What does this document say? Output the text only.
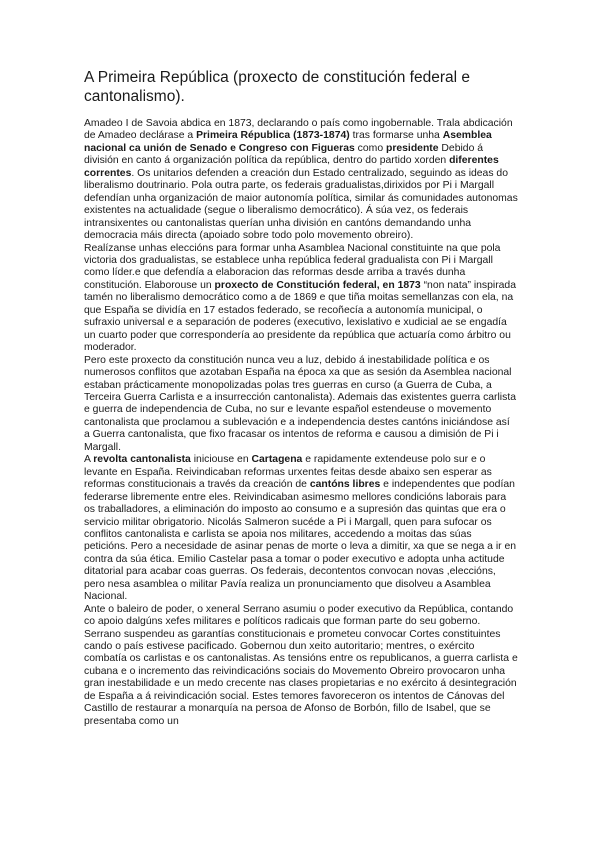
A Primeira República (proxecto de constitución federal e cantonalismo).

Amadeo I de Savoia abdica en 1873, declarando o país como ingobernable. Trala abdicación de Amadeo declárase a Primeira Républica (1873-1874) tras formarse unha Asemblea nacional ca unión de Senado e Congreso con Figueras como presidente Debido á división en canto á organización política da república, dentro do partido xorden diferentes correntes. Os unitarios defenden a creación dun Estado centralizado, seguindo as ideas do liberalismo doutrinario. Pola outra parte, os federais gradualistas,dirixidos por Pi i Margall defendían unha organización de maior autonomía política, similar ás comunidades autonomas existentes na actualidade (segue o liberalismo democrático). Á súa vez, os federais intransixentes ou cantonalistas querían unha división en cantóns demandando unha democracia máis directa (apoiado sobre todo polo movemento obreiro).

Realízanse unhas eleccións para formar unha Asamblea Nacional constituinte na que pola victoria dos gradualistas, se establece unha república federal gradualista con Pi i Margall como líder.e que defendía a elaboracion das reformas desde arriba a través dunha constitución. Elaborouse un proxecto de Constitución federal, en 1873 “non nata” inspirada tamén no liberalismo democrático como a de 1869 e que tiña moitas semellanzas con ela, na que España se dividía en 17 estados federado, se recoñecía a autonomía municipal, o sufraxio universal e a separación de poderes (executivo, lexislativo e xudicial ae se engadía un cuarto poder que correspondería ao presidente da república que actuaría como árbitro ou moderador.

Pero este proxecto da constitución nunca veu a luz, debido á inestabilidade política e os numerosos conflitos que azotaban España na época xa que as sesión da Asemblea nacional estaban prácticamente monopolizadas polas tres guerras en curso (a Guerra de Cuba, a Terceira Guerra Carlista e a insurrección cantonalista). Ademais das existentes guerra carlista e guerra de independencia de Cuba, no sur e levante español estendeuse o movemento cantonalista que proclamou a sublevación e a independencia destes cantóns iniciándose así a Guerra cantonalista, que fixo fracasar os intentos de reforma e causou a dimisión de Pi i Margall.

A revolta cantonalista iniciouse en Cartagena e rapidamente extendeuse polo sur e o levante en España. Reivindicaban reformas urxentes feitas desde abaixo sen esperar as reformas constitucionais a través da creación de cantóns libres e independentes que podían federarse libremente entre eles. Reivindicaban asimesmo mellores condicións laborais para os traballadores, a eliminación do imposto ao consumo e a supresión das quintas que era o servicio militar obrigatorio. Nicolás Salmeron sucéde a Pi i Margall, quen para sufocar os conflitos cantonalista e carlista se apoia nos militares, accedendo a moitas das súas peticións. Pero a necesidade de asinar penas de morte o leva a dimitir, xa que se nega a ir en contra da súa ética. Emilio Castelar pasa a tomar o poder executivo e adopta unha actitude ditatorial para acabar coas guerras. Os federais, decontentos convocan novas ,eleccións, pero nesa asamblea o militar Pavía realiza un pronunciamento que disolveu a Asamblea Nacional.

Ante o baleiro de poder, o xeneral Serrano asumiu o poder executivo da República, contando co apoio dalgúns xefes militares e políticos radicais que forman parte do seu goberno. Serrano suspendeu as garantías constitucionais e prometeu convocar Cortes constituintes cando o país estivese pacificado. Gobernou dun xeito autoritario; mentres, o exército combatía os carlistas e os cantonalistas. As tensións entre os republicanos, a guerra carlista e cubana e o incremento das reivindicacións sociais do Movemento Obreiro provocaron unha gran inestabilidade e un medo crecente nas clases propietarias e no exército á desintegración de España a á reivindicación social. Estes temores favoreceron os intentos de Cánovas del Castillo de restaurar a monarquía na persoa de Afonso de Borbón, fillo de Isabel, que se presentaba como un
